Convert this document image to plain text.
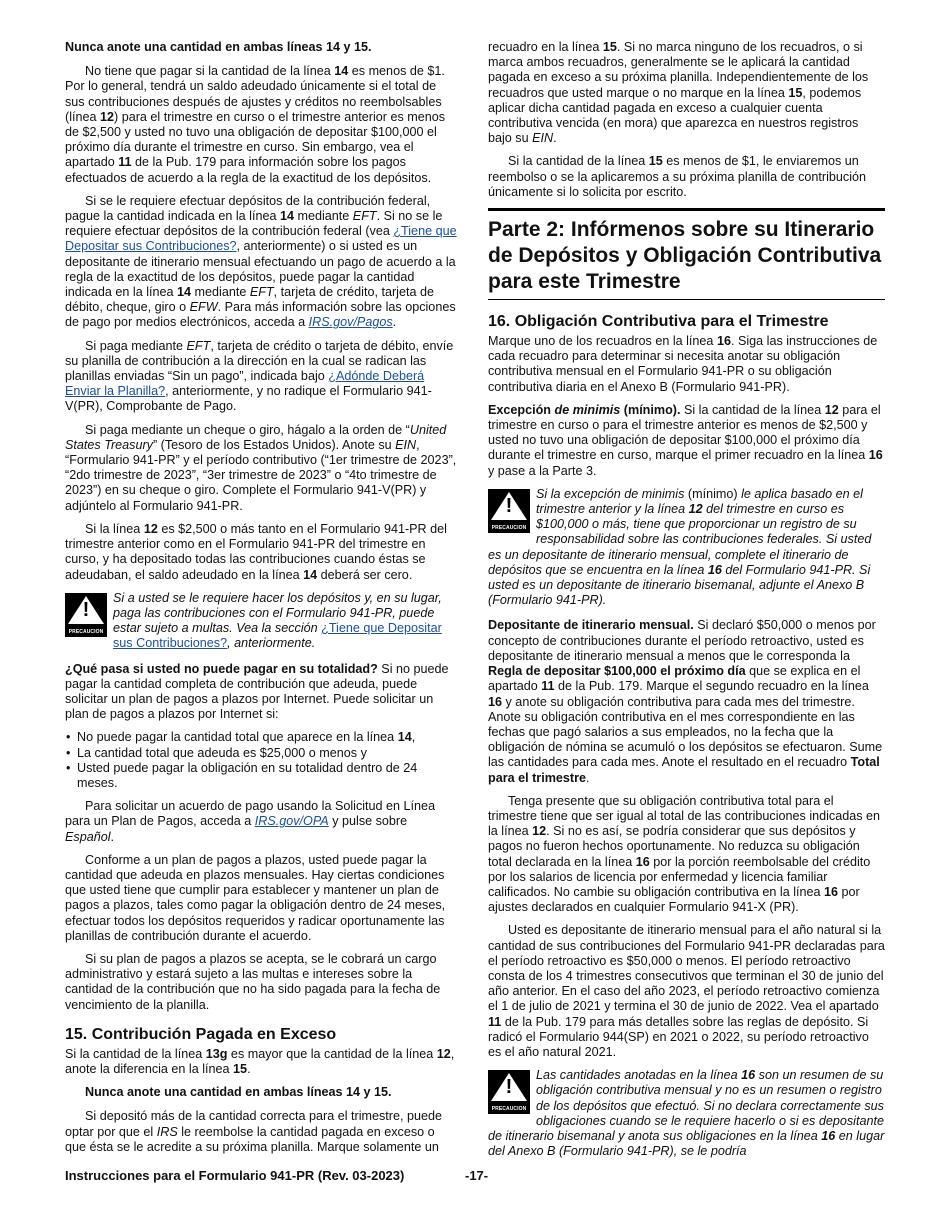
Nunca anote una cantidad en ambas líneas 14 y 15.

No tiene que pagar si la cantidad de la línea 14 es menos de $1. Por lo general, tendrá un saldo adeudado únicamente si el total de sus contribuciones después de ajustes y créditos no reembolsables (línea 12) para el trimestre en curso o el trimestre anterior es menos de $2,500 y usted no tuvo una obligación de depositar $100,000 el próximo día durante el trimestre en curso. Sin embargo, vea el apartado 11 de la Pub. 179 para información sobre los pagos efectuados de acuerdo a la regla de la exactitud de los depósitos.

Si se le requiere efectuar depósitos de la contribución federal, pague la cantidad indicada en la línea 14 mediante EFT. Si no se le requiere efectuar depósitos de la contribución federal (vea ¿Tiene que Depositar sus Contribuciones?, anteriormente) o si usted es un depositante de itinerario mensual efectuando un pago de acuerdo a la regla de la exactitud de los depósitos, puede pagar la cantidad indicada en la línea 14 mediante EFT, tarjeta de crédito, tarjeta de débito, cheque, giro o EFW. Para más información sobre las opciones de pago por medios electrónicos, acceda a IRS.gov/Pagos.

Si paga mediante EFT, tarjeta de crédito o tarjeta de débito, envíe su planilla de contribución a la dirección en la cual se radican las planillas enviadas “Sin un pago”, indicada bajo ¿Adónde Deberá Enviar la Planilla?, anteriormente, y no radique el Formulario 941-V(PR), Comprobante de Pago.

Si paga mediante un cheque o giro, hágalo a la orden de “United States Treasury” (Tesoro de los Estados Unidos). Anote su EIN, “Formulario 941-PR” y el período contributivo (“1er trimestre de 2023”, “2do trimestre de 2023”, “3er trimestre de 2023” o “4to trimestre de 2023”) en su cheque o giro. Complete el Formulario 941-V(PR) y adjúntelo al Formulario 941-PR.

Si la línea 12 es $2,500 o más tanto en el Formulario 941-PR del trimestre anterior como en el Formulario 941-PR del trimestre en curso, y ha depositado todas las contribuciones cuando éstas se adeudaban, el saldo adeudado en la línea 14 deberá ser cero.

!
PRECAUCION
Si a usted se le requiere hacer los depósitos y, en su lugar, paga las contribuciones con el Formulario 941-PR, puede estar sujeto a multas. Vea la sección ¿Tiene que Depositar sus Contribuciones?, anteriormente.

¿Qué pasa si usted no puede pagar en su totalidad? Si no puede pagar la cantidad completa de contribución que adeuda, puede solicitar un plan de pagos a plazos por Internet. Puede solicitar un plan de pagos a plazos por Internet si:

• No puede pagar la cantidad total que aparece en la línea 14,
• La cantidad total que adeuda es $25,000 o menos y
• Usted puede pagar la obligación en su totalidad dentro de 24 meses.

Para solicitar un acuerdo de pago usando la Solicitud en Línea para un Plan de Pagos, acceda a IRS.gov/OPA y pulse sobre Español.

Conforme a un plan de pagos a plazos, usted puede pagar la cantidad que adeuda en plazos mensuales. Hay ciertas condiciones que usted tiene que cumplir para establecer y mantener un plan de pagos a plazos, tales como pagar la obligación dentro de 24 meses, efectuar todos los depósitos requeridos y radicar oportunamente las planillas de contribución durante el acuerdo.

Si su plan de pagos a plazos se acepta, se le cobrará un cargo administrativo y estará sujeto a las multas e intereses sobre la cantidad de la contribución que no ha sido pagada para la fecha de vencimiento de la planilla.

15. Contribución Pagada en Exceso

Si la cantidad de la línea 13g es mayor que la cantidad de la línea 12, anote la diferencia en la línea 15.

Nunca anote una cantidad en ambas líneas 14 y 15.

Si depositó más de la cantidad correcta para el trimestre, puede optar por que el IRS le reembolse la cantidad pagada en exceso o que ésta se le acredite a su próxima planilla. Marque solamente un

recuadro en la línea 15. Si no marca ninguno de los recuadros, o si marca ambos recuadros, generalmente se le aplicará la cantidad pagada en exceso a su próxima planilla. Independientemente de los recuadros que usted marque o no marque en la línea 15, podemos aplicar dicha cantidad pagada en exceso a cualquier cuenta contributiva vencida (en mora) que aparezca en nuestros registros bajo su EIN.

Si la cantidad de la línea 15 es menos de $1, le enviaremos un reembolso o se la aplicaremos a su próxima planilla de contribución únicamente si lo solicita por escrito.

Parte 2: Infórmenos sobre su Itinerario de Depósitos y Obligación Contributiva para este Trimestre
16. Obligación Contributiva para el Trimestre

Marque uno de los recuadros en la línea 16. Siga las instrucciones de cada recuadro para determinar si necesita anotar su obligación contributiva mensual en el Formulario 941-PR o su obligación contributiva diaria en el Anexo B (Formulario 941-PR).

Excepción de minimis (mínimo). Si la cantidad de la línea 12 para el trimestre en curso o para el trimestre anterior es menos de $2,500 y usted no tuvo una obligación de depositar $100,000 el próximo día durante el trimestre en curso, marque el primer recuadro en la línea 16 y pase a la Parte 3.

!
PRECAUCION
Si la excepción de minimis (mínimo) le aplica basado en el trimestre anterior y la línea 12 del trimestre en curso es $100,000 o más, tiene que proporcionar un registro de su responsabilidad sobre las contribuciones federales. Si usted es un depositante de itinerario mensual, complete el itinerario de depósitos que se encuentra en la línea 16 del Formulario 941-PR. Si usted es un depositante de itinerario bisemanal, adjunte el Anexo B (Formulario 941-PR).

Depositante de itinerario mensual. Si declaró $50,000 o menos por concepto de contribuciones durante el período retroactivo, usted es depositante de itinerario mensual a menos que le corresponda la Regla de depositar $100,000 el próximo día que se explica en el apartado 11 de la Pub. 179. Marque el segundo recuadro en la línea 16 y anote su obligación contributiva para cada mes del trimestre. Anote su obligación contributiva en el mes correspondiente en las fechas que pagó salarios a sus empleados, no la fecha que la obligación de nómina se acumuló o los depósitos se efectuaron. Sume las cantidades para cada mes. Anote el resultado en el recuadro Total para el trimestre.

Tenga presente que su obligación contributiva total para el trimestre tiene que ser igual al total de las contribuciones indicadas en la línea 12. Si no es así, se podría considerar que sus depósitos y pagos no fueron hechos oportunamente. No reduzca su obligación total declarada en la línea 16 por la porción reembolsable del crédito por los salarios de licencia por enfermedad y licencia familiar calificados. No cambie su obligación contributiva en la línea 16 por ajustes declarados en cualquier Formulario 941-X (PR).

Usted es depositante de itinerario mensual para el año natural si la cantidad de sus contribuciones del Formulario 941-PR declaradas para el período retroactivo es $50,000 o menos. El período retroactivo consta de los 4 trimestres consecutivos que terminan el 30 de junio del año anterior. En el caso del año 2023, el período retroactivo comienza el 1 de julio de 2021 y termina el 30 de junio de 2022. Vea el apartado 11 de la Pub. 179 para más detalles sobre las reglas de depósito. Si radicó el Formulario 944(SP) en 2021 o 2022, su período retroactivo es el año natural 2021.

!
PRECAUCION
Las cantidades anotadas en la línea 16 son un resumen de su obligación contributiva mensual y no es un resumen o registro de los depósitos que efectuó. Si no declara correctamente sus obligaciones cuando se le requiere hacerlo o si es depositante de itinerario bisemanal y anota sus obligaciones en la línea 16 en lugar del Anexo B (Formulario 941-PR), se le podría
Instrucciones para el Formulario 941-PR (Rev. 03-2023)	-17-
